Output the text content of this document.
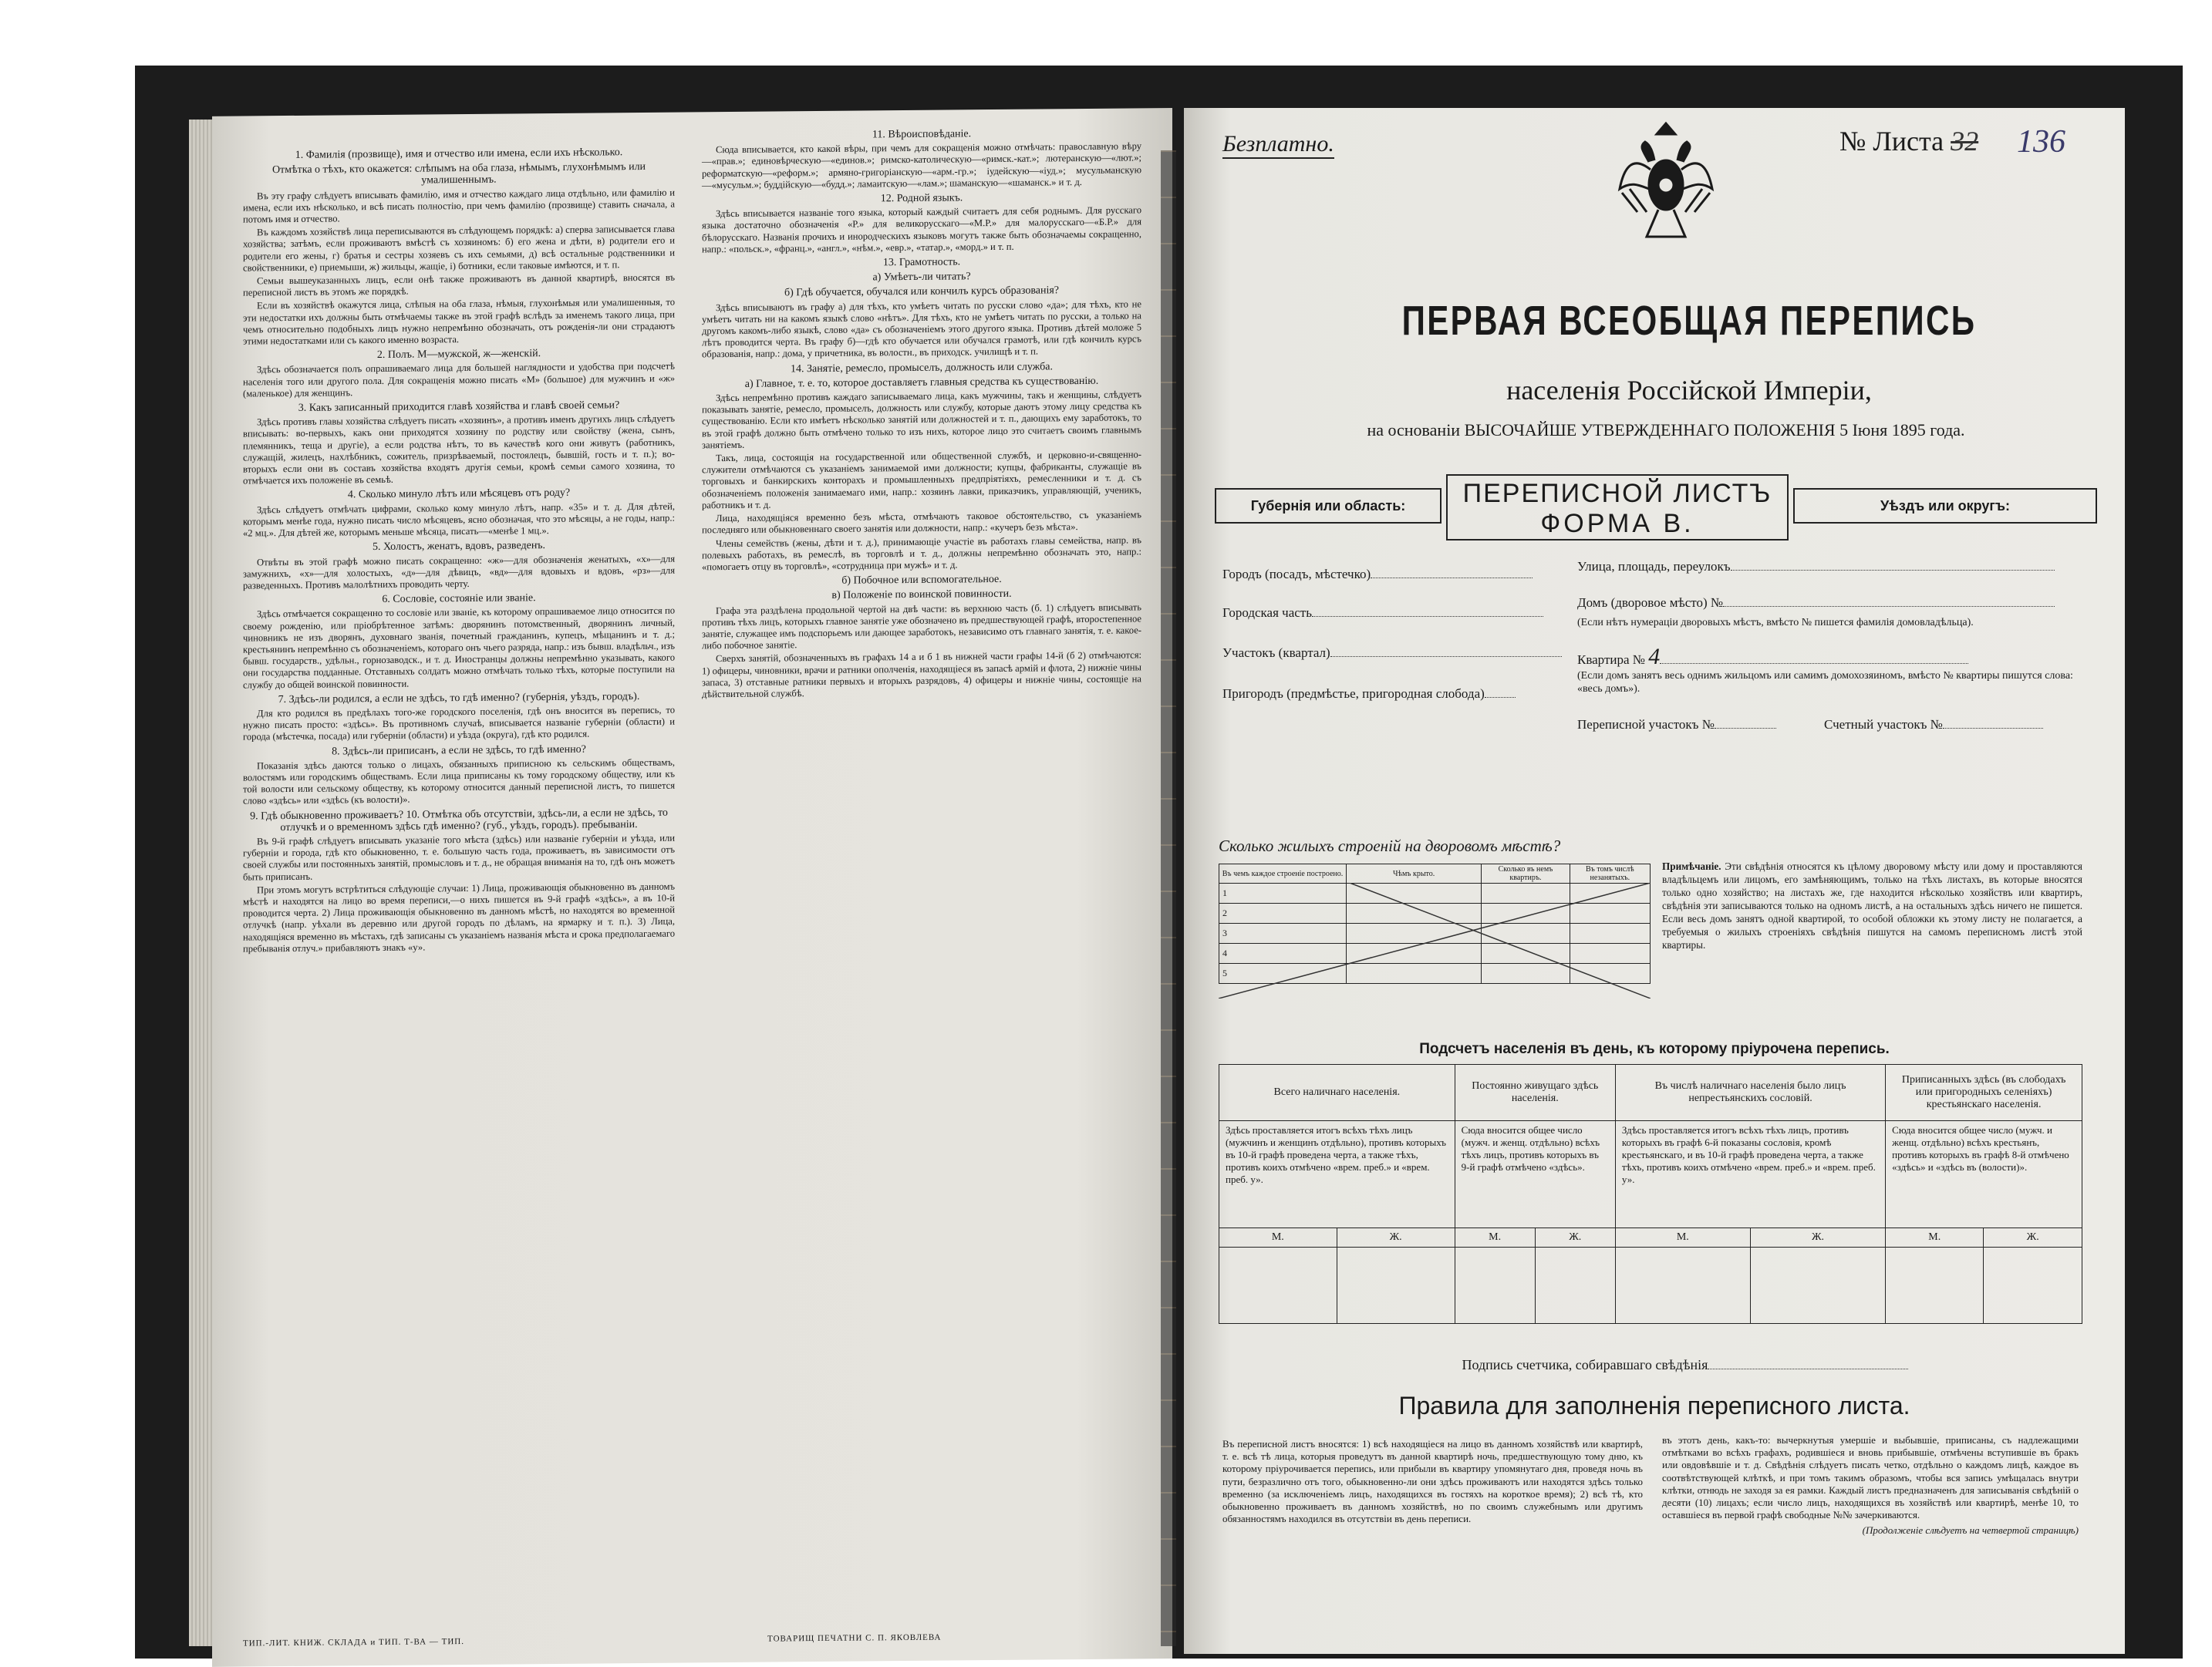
1. Фамилія (прозвище), имя и отчество или имена, если ихъ нѣсколько.
Отмѣтка о тѣхъ, кто окажется: слѣпымъ на оба глаза, нѣмымъ, глухонѣмымъ или умалишеннымъ.

Въ эту графу слѣдуетъ вписывать фамилію, имя и отчество каждаго лица отдѣльно, или фамилію и имена, если ихъ нѣсколько, и всѣ писать полностію, при чемъ фамилію (прозвище) ставить сначала, а потомъ имя и отчество.

Въ каждомъ хозяйствѣ лица переписываются въ слѣдующемъ порядкѣ: а) сперва записывается глава хозяйства; затѣмъ, если проживаютъ вмѣстѣ съ хозяиномъ: б) его жена и дѣти, в) родители его и родители его жены, г) братья и сестры хозяевъ съ ихъ семьями, д) всѣ остальные родственники и свойственники, е) приемыши, ж) жильцы, жащіе, і) ботники, если таковые имѣются, и т. п.

Семьи вышеуказанныхъ лицъ, если онѣ также проживаютъ въ данной квартирѣ, вносятся въ переписной листъ въ этомъ же порядкѣ.

Если въ хозяйствѣ окажутся лица, слѣпыя на оба глаза, нѣмыя, глухонѣмыя или умалишенныя, то эти недостатки ихъ должны быть отмѣчаемы также въ этой графѣ вслѣдъ за именемъ такого лица, при чемъ относительно подобныхъ лицъ нужно непремѣнно обозначать, отъ рожденія-ли они страдаютъ этими недостатками или съ какого именно возраста.

2. Полъ. М—мужской, ж—женскій.

Здѣсь обозначается полъ опрашиваемаго лица для большей наглядности и удобства при подсчетѣ населенія того или другого пола. Для сокращенія можно писать «М» (большое) для мужчинъ и «ж» (маленькое) для женщинъ.

3. Какъ записанный приходится главѣ хозяйства и главѣ своей семьи?

Здѣсь противъ главы хозяйства слѣдуетъ писать «хозяинъ», а противъ именъ другихъ лицъ слѣдуетъ вписывать: во-первыхъ, какъ они приходятся хозяину по родству или свойству (жена, сынъ, племянникъ, теща и другіе), а если родства нѣтъ, то въ качествѣ кого они живутъ (работникъ, служащій, жилецъ, нахлѣбникъ, сожитель, призрѣваемый, постоялецъ, бывшій, гость и т. п.); во-вторыхъ если они въ составъ хозяйства входятъ другія семьи, кромѣ семьи самого хозяина, то отмѣчается ихъ положеніе въ семьѣ.

4. Сколько минуло лѣтъ или мѣсяцевъ отъ роду?

Здѣсь слѣдуетъ отмѣчать цифрами, сколько кому минуло лѣтъ, напр. «35» и т. д. Для дѣтей, которымъ менѣе года, нужно писать число мѣсяцевъ, ясно обозначая, что это мѣсяцы, а не годы, напр.: «2 мц.». Для дѣтей же, которымъ меньше мѣсяца, писать—«менѣе 1 мц.».

5. Холостъ, женатъ, вдовъ, разведенъ.

Отвѣты въ этой графѣ можно писать сокращенно: «ж»—для обозначенія женатыхъ, «х»—для замужнихъ, «х»—для холостыхъ, «д»—для дѣвицъ, «вд»—для вдовыхъ и вдовъ, «рз»—для разведенныхъ. Противъ малолѣтнихъ проводить черту.

6. Сословіе, состояніе или званіе.

Здѣсь отмѣчается сокращенно то сословіе или званіе, къ которому опрашиваемое лицо относится по своему рожденію, или пріобрѣтенное затѣмъ: дворянинъ потомственный, дворянинъ личный, чиновникъ не изъ дворянъ, духовнаго званія, почетный гражданинъ, купецъ, мѣщанинъ и т. д.; крестьянинъ непремѣнно съ обозначеніемъ, котораго онъ чьего разряда, напр.: изъ бывш. владѣльч., изъ бывш. государств., удѣльн., горнозаводск., и т. д. Иностранцы должны непремѣнно указывать, какого они государства подданные. Отставныхъ солдатъ можно отмѣчать только тѣхъ, которые поступили на службу до общей воинской повинности.

7. Здѣсь-ли родился, а если не здѣсь, то гдѣ именно? (губернія, уѣздъ, городъ).

Для кто родился въ предѣлахъ того-же городского поселенія, гдѣ онъ вносится въ перепись, то нужно писать просто: «здѣсь». Въ противномъ случаѣ, вписывается названіе губерніи (области) и города (мѣстечка, посада) или губерніи (области) и уѣзда (округа), гдѣ кто родился.

8. Здѣсь-ли приписанъ, а если не здѣсь, то гдѣ именно?

Показанія здѣсь даются только о лицахъ, обязанныхъ приписною къ сельскимъ обществамъ, волостямъ или городскимъ обществамъ. Если лица приписаны къ тому городскому обществу, или къ той волости или сельскому обществу, къ которому относится данный переписной листъ, то пишется слово «здѣсь» или «здѣсь (къ волости)».

9. Гдѣ обыкновенно проживаетъ? 10. Отмѣтка объ отсутствіи, здѣсь-ли, а если не здѣсь, то отлучкѣ и о временномъ здѣсь гдѣ именно? (губ., уѣздъ, городъ). пребываніи.

Въ 9-й графѣ слѣдуетъ вписывать указаніе того мѣста (здѣсь) или названіе губерніи и уѣзда, или губерніи и города, гдѣ кто обыкновенно, т. е. большую часть года, проживаетъ, въ зависимости отъ своей службы или постоянныхъ занятій, промысловъ и т. д., не обращая вниманія на то, гдѣ онъ можетъ быть приписанъ.

При этомъ могутъ встрѣтиться слѣдующіе случаи: 1) Лица, проживающія обыкновенно въ данномъ мѣстѣ и находятся на лицо во время переписи,—о нихъ пишется въ 9-й графѣ «здѣсь», а въ 10-й проводится черта. 2) Лица проживающія обыкновенно въ данномъ мѣстѣ, но находятся во временной отлучкѣ (напр. уѣхали въ деревню или другой городъ по дѣламъ, на ярмарку и т. п.). 3) Лица, находящіяся временно въ мѣстахъ, гдѣ записаны съ указаніемъ названія мѣста и срока предполагаемаго пребыванія отлуч.» прибавляютъ знакъ «у».

11. Вѣроисповѣданіе.

Сюда вписывается, кто какой вѣры, при чемъ для сокращенія можно отмѣчать: православную вѣру—«прав.»; единовѣрческую—«единов.»; римско-католическую—«римск.-кат.»; лютеранскую—«лют.»; реформатскую—«реформ.»; армяно-григоріанскую—«арм.-гр.»; іудейскую—«іуд.»; мусульманскую—«мусульм.»; буддійскую—«будд.»; ламаитскую—«лам.»; шаманскую—«шаманск.» и т. д.

12. Родной языкъ.

Здѣсь вписывается названіе того языка, который каждый считаетъ для себя роднымъ. Для русскаго языка достаточно обозначенія «Р.» для великорусскаго—«М.Р.» для малорусскаго—«Б.Р.» для бѣлорусскаго. Названія прочихъ и инородческихъ языковъ могутъ также быть обозначаемы сокращенно, напр.: «польск.», «франц.», «англ.», «нѣм.», «евр.», «татар.», «морд.» и т. п.

13. Грамотность.
а) Умѣетъ-ли читать?
б) Гдѣ обучается, обучался или кончилъ курсъ образованія?

Здѣсь вписываютъ въ графу а) для тѣхъ, кто умѣетъ читать по русски слово «да»; для тѣхъ, кто не умѣетъ читать ни на какомъ языкѣ слово «нѣтъ». Для тѣхъ, кто не умѣетъ читать по русски, а только на другомъ какомъ-либо языкѣ, слово «да» съ обозначеніемъ этого другого языка. Противъ дѣтей моложе 5 лѣтъ проводится черта. Въ графу б)—гдѣ кто обучается или обучался грамотѣ, или гдѣ кончилъ курсъ образованія, напр.: дома, у причетника, въ волостн., въ приходск. училищѣ и т. п.

14. Занятіе, ремесло, промыселъ, должность или служба.
а) Главное, т. е. то, которое доставляетъ главныя средства къ существованію.

Здѣсь непремѣнно противъ каждаго записываемаго лица, какъ мужчины, такъ и женщины, слѣдуетъ показывать занятіе, ремесло, промыселъ, должность или службу, которые даютъ этому лицу средства къ существованію. Если кто имѣетъ нѣсколько занятій или должностей и т. п., дающихъ ему заработокъ, то въ этой графѣ должно быть отмѣчено только то изъ нихъ, которое лицо это считаетъ своимъ главнымъ занятіемъ.

Такъ, лица, состоящія на государственной или общественной службѣ, и церковно-и-священно-служители отмѣчаются съ указаніемъ занимаемой ими должности; купцы, фабриканты, служащіе въ торговыхъ и банкирскихъ конторахъ и промышленныхъ предпріятіяхъ, ремесленники и т. д. съ обозначеніемъ положенія занимаемаго ими, напр.: хозяинъ лавки, приказчикъ, управляющій, ученикъ, работникъ и т. д.

Лица, находящіяся временно безъ мѣста, отмѣчаютъ таковое обстоятельство, съ указаніемъ последняго или обыкновеннаго своего занятія или должности, напр.: «кучеръ безъ мѣста».

Члены семействъ (жены, дѣти и т. д.), принимающіе участіе въ работахъ главы семейства, напр. въ полевыхъ работахъ, въ ремеслѣ, въ торговлѣ и т. д., должны непремѣнно обозначать это, напр.: «помогаетъ отцу въ торговлѣ», «сотрудница при мужѣ» и т. д.

б) Побочное или вспомогательное.
в) Положеніе по воинской повинности.

Графа эта раздѣлена продольной чертой на двѣ части: въ верхнюю часть (б. 1) слѣдуетъ вписывать противъ тѣхъ лицъ, которыхъ главное занятіе уже обозначено въ предшествующей графѣ, второстепенное занятіе, служащее имъ подспорьемъ или дающее заработокъ, независимо отъ главнаго занятія, т. е. какое-либо побочное занятіе.

Сверхъ занятій, обозначенныхъ въ графахъ 14 а и б 1 въ нижней части графы 14-й (б 2) отмѣчаются: 1) офицеры, чиновники, врачи и ратники ополченія, находящіеся въ запасѣ армій и флота, 2) нижніе чины запаса, 3) отставные ратники первыхъ и вторыхъ разрядовъ, 4) офицеры и нижніе чины, состоящіе на дѣйствительной службѣ.

ТИП.-ЛИТ. КНИЖ. СКЛАДА и ТИП. Т-ВА — ТИП.	ТОВАРИЩ ПЕЧАТНИ С. П. ЯКОВЛЕВА
Безплатно.	№ Листа 32 136
ПЕРВАЯ ВСЕОБЩАЯ ПЕРЕПИСЬ
населенія Россійской Имперіи,
на основаніи ВЫСОЧАЙШЕ УТВЕРЖДЕННАГО ПОЛОЖЕНІЯ 5 Іюня 1895 года.
Губернія или область:	ПЕРЕПИСНОЙ ЛИСТЪ
ФОРМА В.
Уѣздъ или округъ:
Городъ (посадъ, мѣстечко)
Городская часть
Участокъ (квартал)
Пригородъ (предмѣстье, пригородная слобода)
Улица, площадь, переулокъ
Домъ (дворовое мѣсто) №
(Если нѣтъ нумераціи дворовыхъ мѣстъ, вмѣсто № пишется фамилія домовладѣльца).
Квартира № 4
(Если домъ занятъ весь однимъ жильцомъ или самимъ домохозяиномъ, вмѣсто № квартиры пишутся слова: «весь домъ»).
Переписной участокъ №	Счетный участокъ №
Сколько жилыхъ строеній на дворовомъ мѣстѣ?
Въ чемъ каждое строеніе построено.	Чѣмъ крыто.	Сколько въ немъ квартиръ.	Въ томъ числѣ незанятыхъ.
1			
2			
3			
4			
5			
Примѣчаніе. Эти свѣдѣнія относятся къ цѣлому дворовому мѣсту или дому и проставляются владѣльцемъ или лицомъ, его замѣняющимъ, только на тѣхъ листахъ, въ которые вносятся только одно хозяйство; на листахъ же, где находится нѣсколько хозяйствъ или квартиръ, свѣдѣнія эти записываются только на одномъ листѣ, а на остальныхъ здѣсь ничего не пишется. Если весь домъ занятъ одной квартирой, то особой обложки къ этому листу не полагается, а требуемыя о жилыхъ строеніяхъ свѣдѣнія пишутся на самомъ переписномъ листѣ этой квартиры.
Подсчетъ населенія въ день, къ которому пріурочена перепись.
Всего наличнаго населенія.		Постоянно живущаго здѣсь населенія.		Въ числѣ наличнаго населенія было лицъ непрестьянскихъ сословій.		Приписанныхъ здѣсь (въ слободахъ или пригородныхъ селеніяхъ) крестьянскаго населенія.	
Здѣсь проставляется итогъ всѣхъ тѣхъ лицъ (мужчинъ и женщинъ отдѣльно), противъ которыхъ въ 10-й графѣ проведена черта, а также тѣхъ, противъ коихъ отмѣчено «врем. преб.» и «врем. преб. у».		Сюда вносится общее число (мужч. и женщ. отдѣльно) всѣхъ тѣхъ лицъ, противъ которыхъ въ 9-й графѣ отмѣчено «здѣсь».		Здѣсь проставляется итогъ всѣхъ тѣхъ лицъ, противъ которыхъ въ графѣ 6-й показаны сословія, кромѣ крестьянскаго, и въ 10-й графѣ проведена черта, а также тѣхъ, противъ коихъ отмѣчено «врем. преб.» и «врем. преб. у».		Сюда вносится общее число (мужч. и женщ. отдѣльно) всѣхъ крестьянъ, противъ которыхъ въ графѣ 8-й отмѣчено «здѣсь» и «здѣсь въ (волости)».	
М.	Ж.	М.	Ж.	М.	Ж.	М.	Ж.

Подпись счетчика, собиравшаго свѣдѣнія
Правила для заполненія переписного листа.
Въ переписной листъ вносятся: 1) всѣ находящіеся на лицо въ данномъ хозяйствѣ или квартирѣ, т. е. всѣ тѣ лица, которыя проведутъ въ данной квартирѣ ночь, предшествующую тому дню, къ которому пріурочивается перепись, или прибыли въ квартиру упомянутаго дня, проведя ночь въ пути, безразлично отъ того, обыкновенно-ли они здѣсь проживаютъ или находятся здѣсь только временно (за исключеніемъ лицъ, находящихся въ гостяхъ на короткое время); 2) всѣ тѣ, кто обыкновенно проживаетъ въ данномъ хозяйствѣ, но по своимъ служебнымъ или другимъ обязанностямъ находился въ отсутствіи въ день переписи.
въ этотъ день, какъ-то: вычеркнутыя умершіе и выбывшіе, приписаны, съ надлежащими отмѣтками во всѣхъ графахъ, родившіеся и вновь прибывшіе, отмѣчены вступившіе въ бракъ или овдовѣвшіе и т. д. Свѣдѣнія слѣдуетъ писать четко, отдѣльно о каждомъ лицѣ, каждое въ соотвѣтствующей клѣткѣ, и при томъ такимъ образомъ, чтобы вся запись умѣщалась внутри клѣтки, отнюдь не заходя за ея рамки. Каждый листъ предназначенъ для записыванія свѣдѣній о десяти (10) лицахъ; если число лицъ, находящихся въ хозяйствѣ или квартирѣ, менѣе 10, то оставшіеся въ первой графѣ свободные №№ зачеркиваются.
(Продолженіе слѣдуетъ на четвертой страницѣ)
